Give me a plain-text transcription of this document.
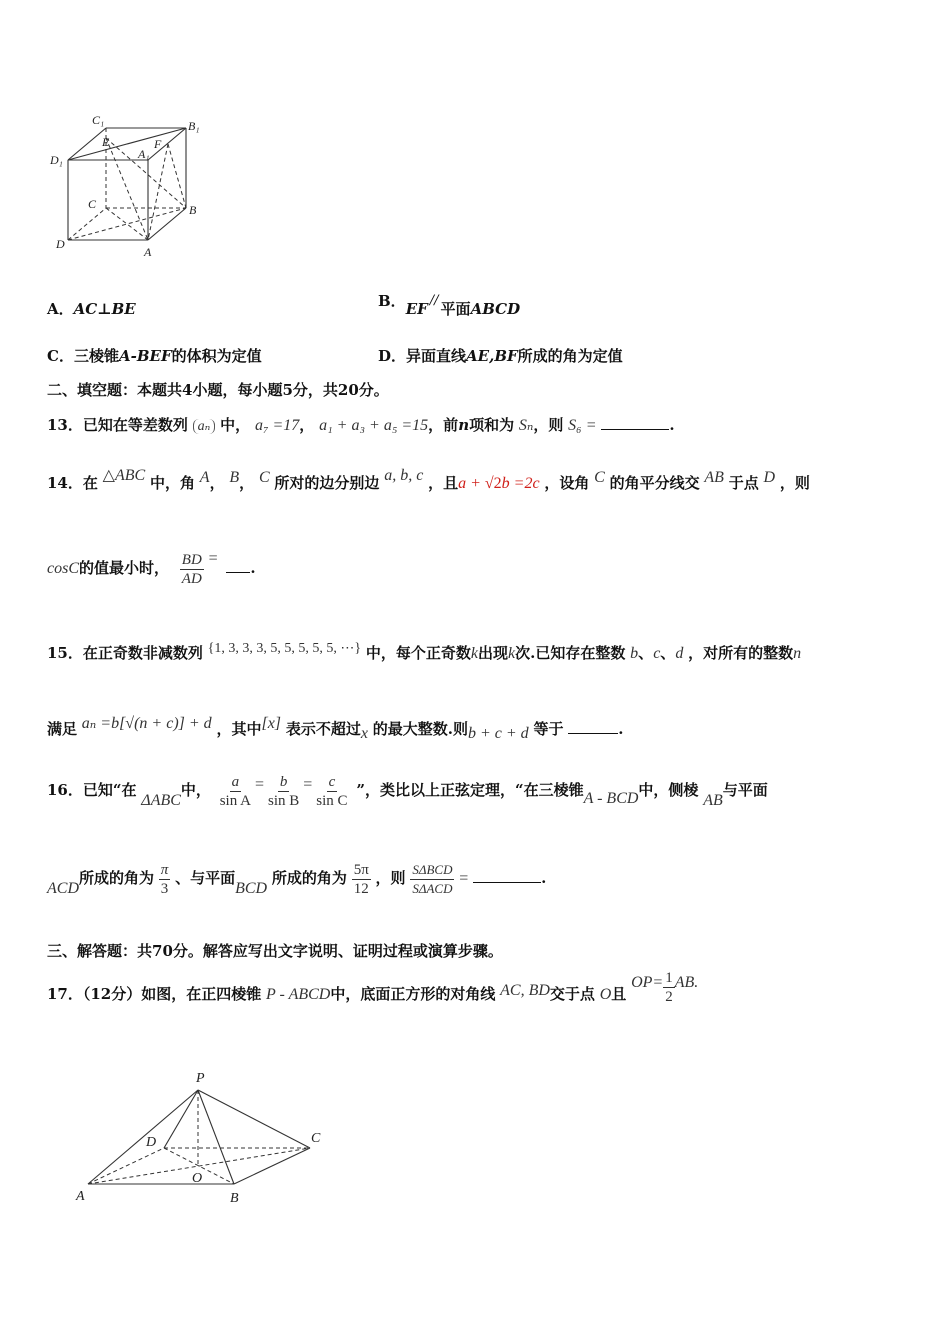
C₁	B₁
D₁
E
A₁
F
C	B
D
A
A．AC⊥BE	B．EF // 平面ABCD
C．三棱锥A-BEF的体积为定值	D．异面直线AE,BF所成的角为定值
二、填空题：本题共4小题，每小题5分，共20分。
13．已知在等差数列 aₙ 中， a₇ =17， a₁ + a₃ + a₅ =15，前n项和为 Sₙ，则 S₆ =	.
14．在 △ABC 中，角 A， B， C 所对的边分别边 a, b, c ，且a + √2b =2c ，设角 C 的角平分线交 AB 于点 D ，则
cosC的值最小时， $\frac{BD}{AD}$ = .
15．在正奇数非减数列 {1, 3, 3, 3, 5, 5, 5, 5, 5, ⋯} 中，每个正奇数k出现k次.已知存在整数 b、c、d ，对所有的整数n
满足 aₙ =b[√(n + c)] + d ，其中[x] 表示不超过x 的最大整数.则b + c + d 等于	.
16．已知“在 ΔABC中， $\frac{a}{\text{sin A}} = \frac{b}{\text{sin B}} = \frac{c}{\text{sin C}}$ ”，类比以上正弦定理，“在三棱锥A - BCD中，侧棱 AB与平面
ACD所成的角为 $\frac{\pi}{3}$ 、与平面BCD 所成的角为 $\frac{5\pi}{12}$ ，则 $\frac{\text{SΔBCD}}{\text{SΔACD}}$ =	.
三、解答题：共70分。解答应写出文字说明、证明过程或演算步骤。
17．（12分）如图，在正四棱锥 P - ABCD中，底面正方形的对角线 AC, BD交于点 O且 $OP= \frac{1}{2}$ AB.
P
D	C
O
A	B
